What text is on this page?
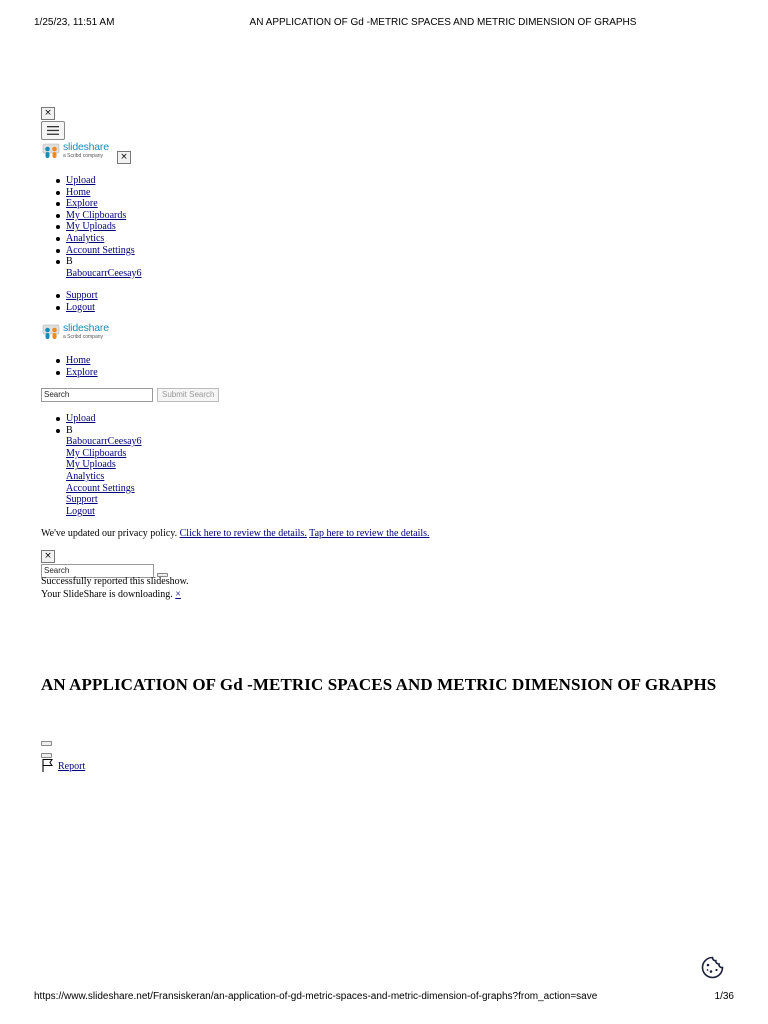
1/25/23, 11:51 AM	AN APPLICATION OF Gd -METRIC SPACES AND METRIC DIMENSION OF GRAPHS
×
slideshare
a Scribd company	×
Upload
Home
Explore
My Clipboards
My Uploads
Analytics
Account Settings
B
BaboucarrCeesay6
Support
Logout
slideshare
a Scribd company
Home
Explore
Search	Submit Search
Upload
B
BaboucarrCeesay6
My Clipboards
My Uploads
Analytics
Account Settings
Support
Logout
We've updated our privacy policy. Click here to review the details. Tap here to review the details.
×
Search
Successfully reported this slideshow.
Your SlideShare is downloading. ×
AN APPLICATION OF Gd -METRIC SPACES AND METRIC DIMENSION OF GRAPHS
Report
https://www.slideshare.net/Fransiskeran/an-application-of-gd-metric-spaces-and-metric-dimension-of-graphs?from_action=save	1/36
